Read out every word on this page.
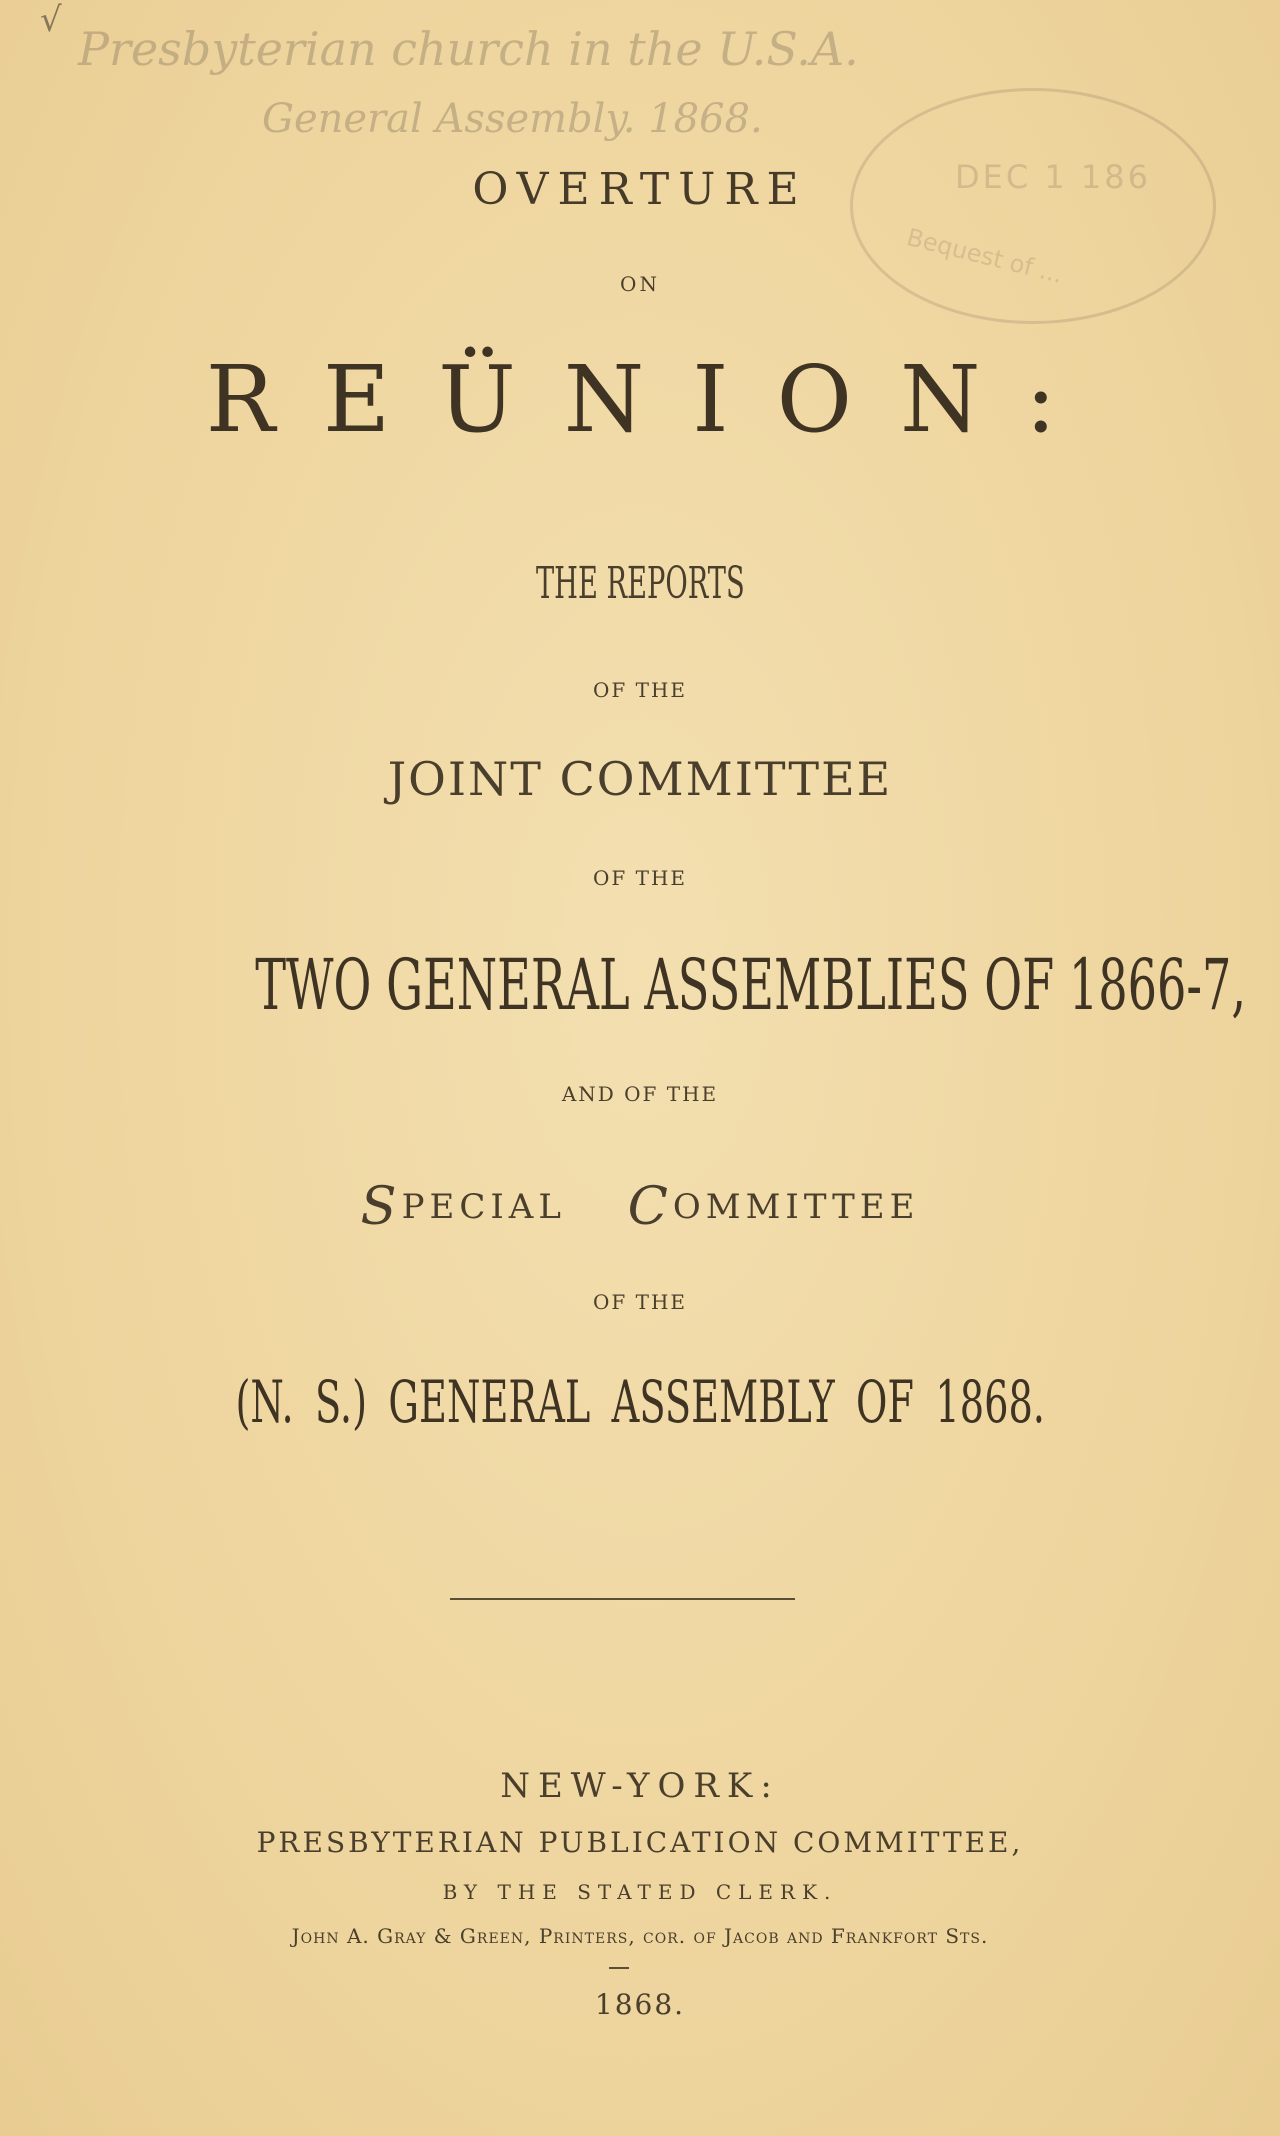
√
Presbyterian church in the U.S.A.
General Assembly. 1868.
DEC 1 186
Bequest of ...
OVERTURE
ON
REÜNION:
THE REPORTS
OF THE
JOINT COMMITTEE
OF THE
TWO GENERAL ASSEMBLIES OF 1866-7,
AND OF THE
SPECIAL COMMITTEE
OF THE
(N. S.) GENERAL ASSEMBLY OF 1868.
NEW-YORK:
PRESBYTERIAN PUBLICATION COMMITTEE,
BY THE STATED CLERK.
John A. Gray & Green, Printers, cor. of Jacob and Frankfort Sts.
1868.
